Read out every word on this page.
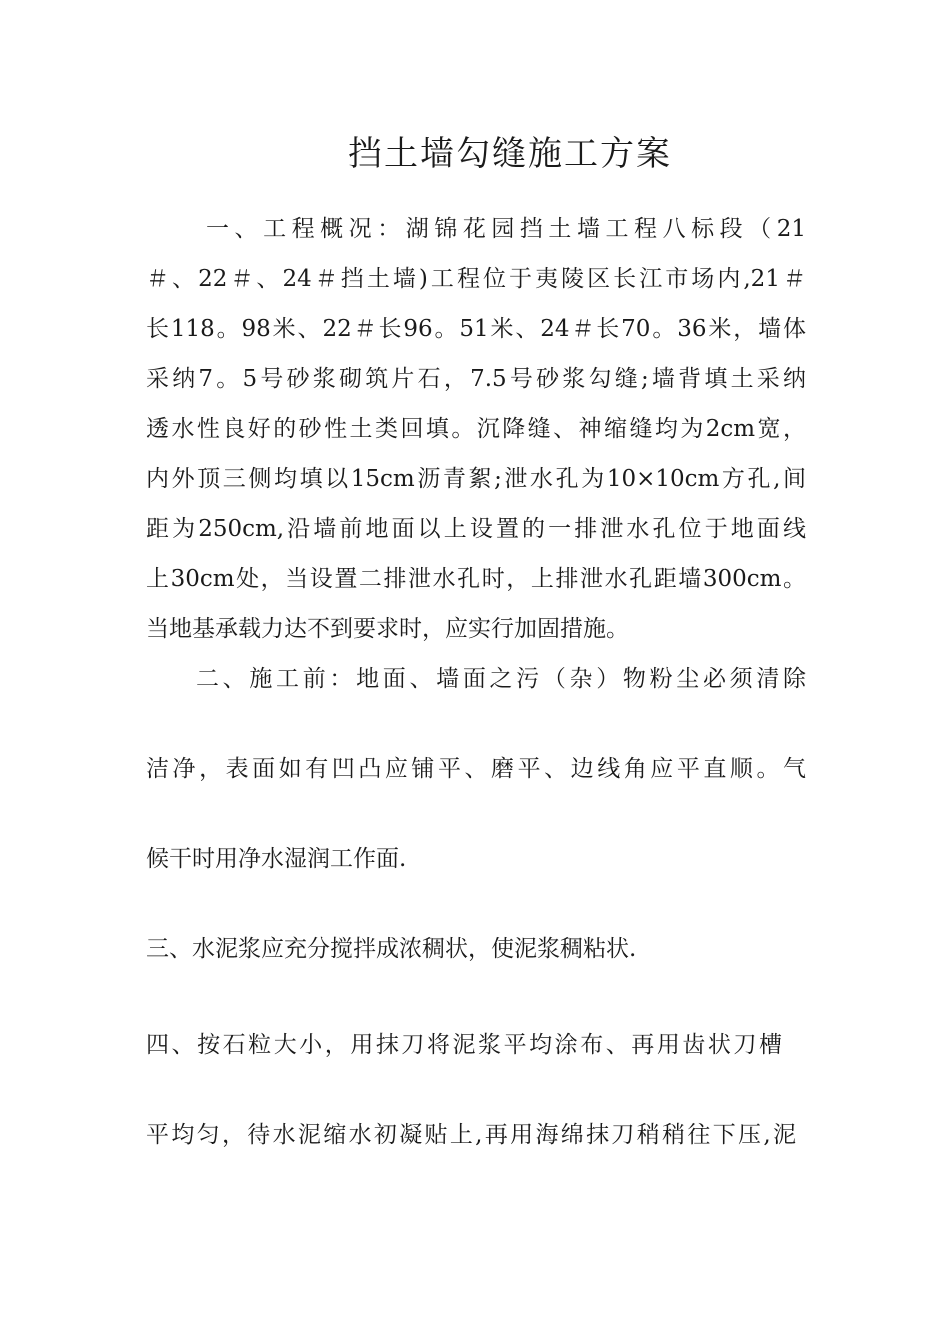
挡土墙勾缝施工方案
一、工程概况：湖锦花园挡土墙工程八标段（21
＃、22＃、24＃挡土墙)工程位于夷陵区长江市场内,21＃
长118。98米、22＃长96。51米、24＃长70。36米，墙体
采纳7。5号砂浆砌筑片石，7.5号砂浆勾缝;墙背填土采纳
透水性良好的砂性土类回填。沉降缝、神缩缝均为2cm宽，
内外顶三侧均填以15cm沥青絮;泄水孔为10×10cm方孔,间
距为250cm,沿墙前地面以上设置的一排泄水孔位于地面线
上30cm处，当设置二排泄水孔时，上排泄水孔距墙300cm。
当地基承载力达不到要求时，应实行加固措施。
二、施工前：地面、墙面之污（杂）物粉尘必须清除
洁净，表面如有凹凸应铺平、磨平、边线角应平直顺。气
候干时用净水湿润工作面.
三、水泥浆应充分搅拌成浓稠状，使泥浆稠粘状.
四、按石粒大小，用抹刀将泥浆平均涂布、再用齿状刀槽
平均匀，待水泥缩水初凝贴上,再用海绵抹刀稍稍往下压,泥
